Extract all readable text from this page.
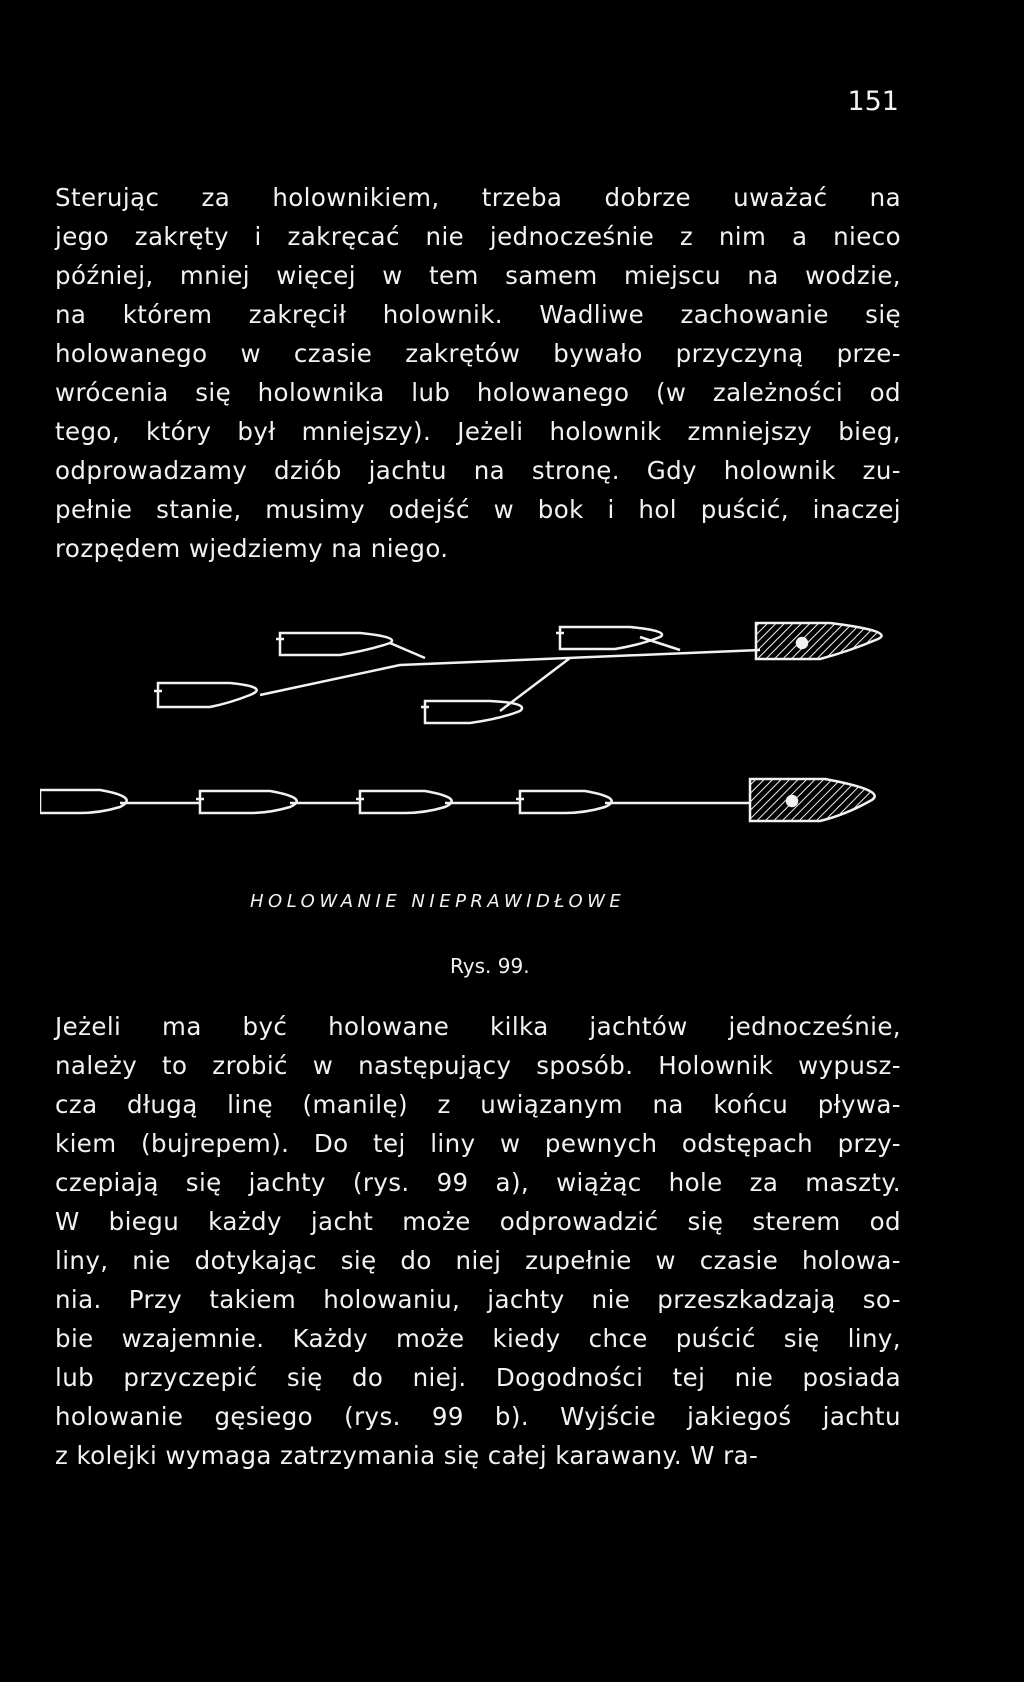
151
Sterując za holownikiem, trzeba dobrze uważać na
jego zakręty i zakręcać nie jednocześnie z nim a nieco
później, mniej więcej w tem samem miejscu na wodzie,
na którem zakręcił holownik. Wadliwe zachowanie się
holowanego w czasie zakrętów bywało przyczyną prze-
wrócenia się holownika lub holowanego (w zależności od
tego, który był mniejszy). Jeżeli holownik zmniejszy bieg,
odprowadzamy dziób jachtu na stronę. Gdy holownik zu-
pełnie stanie, musimy odejść w bok i hol puścić, inaczej
rozpędem wjedziemy na niego.
HOLOWANIE NIEPRAWIDŁOWE
Rys. 99.
Jeżeli ma być holowane kilka jachtów jednocześnie,
należy to zrobić w następujący sposób. Holownik wypusz-
cza długą linę (manilę) z uwiązanym na końcu pływa-
kiem (bujrepem). Do tej liny w pewnych odstępach przy-
czepiają się jachty (rys. 99 a), wiążąc hole za maszty.
W biegu każdy jacht może odprowadzić się sterem od
liny, nie dotykając się do niej zupełnie w czasie holowa-
nia. Przy takiem holowaniu, jachty nie przeszkadzają so-
bie wzajemnie. Każdy może kiedy chce puścić się liny,
lub przyczepić się do niej. Dogodności tej nie posiada
holowanie gęsiego (rys. 99 b). Wyjście jakiegoś jachtu
z kolejki wymaga zatrzymania się całej karawany. W ra-
